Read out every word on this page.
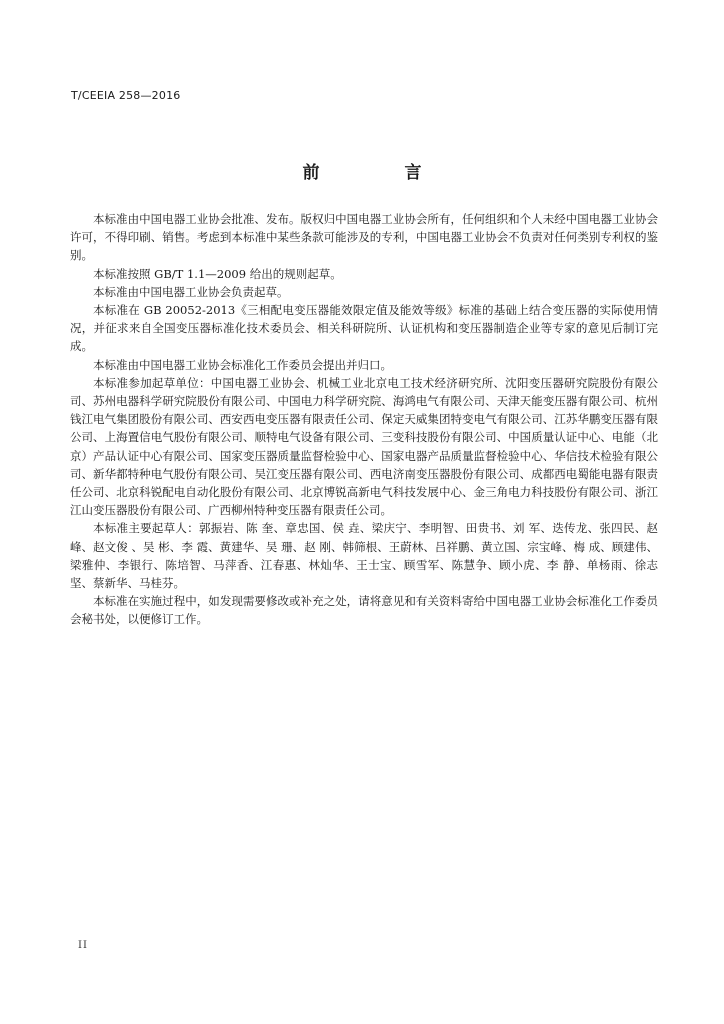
T/CEEIA 258—2016
前　言

本标准由中国电器工业协会批准、发布。版权归中国电器工业协会所有，任何组织和个人未经中国电器工业协会许可，不得印刷、销售。考虑到本标准中某些条款可能涉及的专利，中国电器工业协会不负责对任何类别专利权的鉴别。

本标准按照 GB/T 1.1—2009 给出的规则起草。

本标准由中国电器工业协会负责起草。

本标准在 GB 20052-2013《三相配电变压器能效限定值及能效等级》标准的基础上结合变压器的实际使用情况，并征求来自全国变压器标准化技术委员会、相关科研院所、认证机构和变压器制造企业等专家的意见后制订完成。

本标准由中国电器工业协会标准化工作委员会提出并归口。

本标准参加起草单位：中国电器工业协会、机械工业北京电工技术经济研究所、沈阳变压器研究院股份有限公司、苏州电器科学研究院股份有限公司、中国电力科学研究院、海鸿电气有限公司、天津天能变压器有限公司、杭州钱江电气集团股份有限公司、西安西电变压器有限责任公司、保定天威集团特变电气有限公司、江苏华鹏变压器有限公司、上海置信电气股份有限公司、顺特电气设备有限公司、三变科技股份有限公司、中国质量认证中心、电能（北京）产品认证中心有限公司、国家变压器质量监督检验中心、国家电器产品质量监督检验中心、华信技术检验有限公司、新华都特种电气股份有限公司、吴江变压器有限公司、西电济南变压器股份有限公司、成都西电蜀能电器有限责任公司、北京科锐配电自动化股份有限公司、北京博锐高新电气科技发展中心、金三角电力科技股份有限公司、浙江江山变压器股份有限公司、广西柳州特种变压器有限责任公司。

本标准主要起草人：郭振岩、陈 奎、章忠国、侯 垚、梁庆宁、李明智、田贵书、刘 军、迭传龙、张四民、赵 峰、赵文俊 、吴 彬、李 霞、黄建华、吴 珊、赵 刚、韩筛根、王蔚林、吕祥鹏、黄立国、宗宝峰、梅 成、顾建伟、梁雅仲、李银行、陈培智、马萍香、江春惠、林灿华、王士宝、顾雪军、陈慧争、顾小虎、李 静、单杨雨、徐志坚、蔡新华、马桂芬。

本标准在实施过程中，如发现需要修改或补充之处，请将意见和有关资料寄给中国电器工业协会标准化工作委员会秘书处，以便修订工作。

II
